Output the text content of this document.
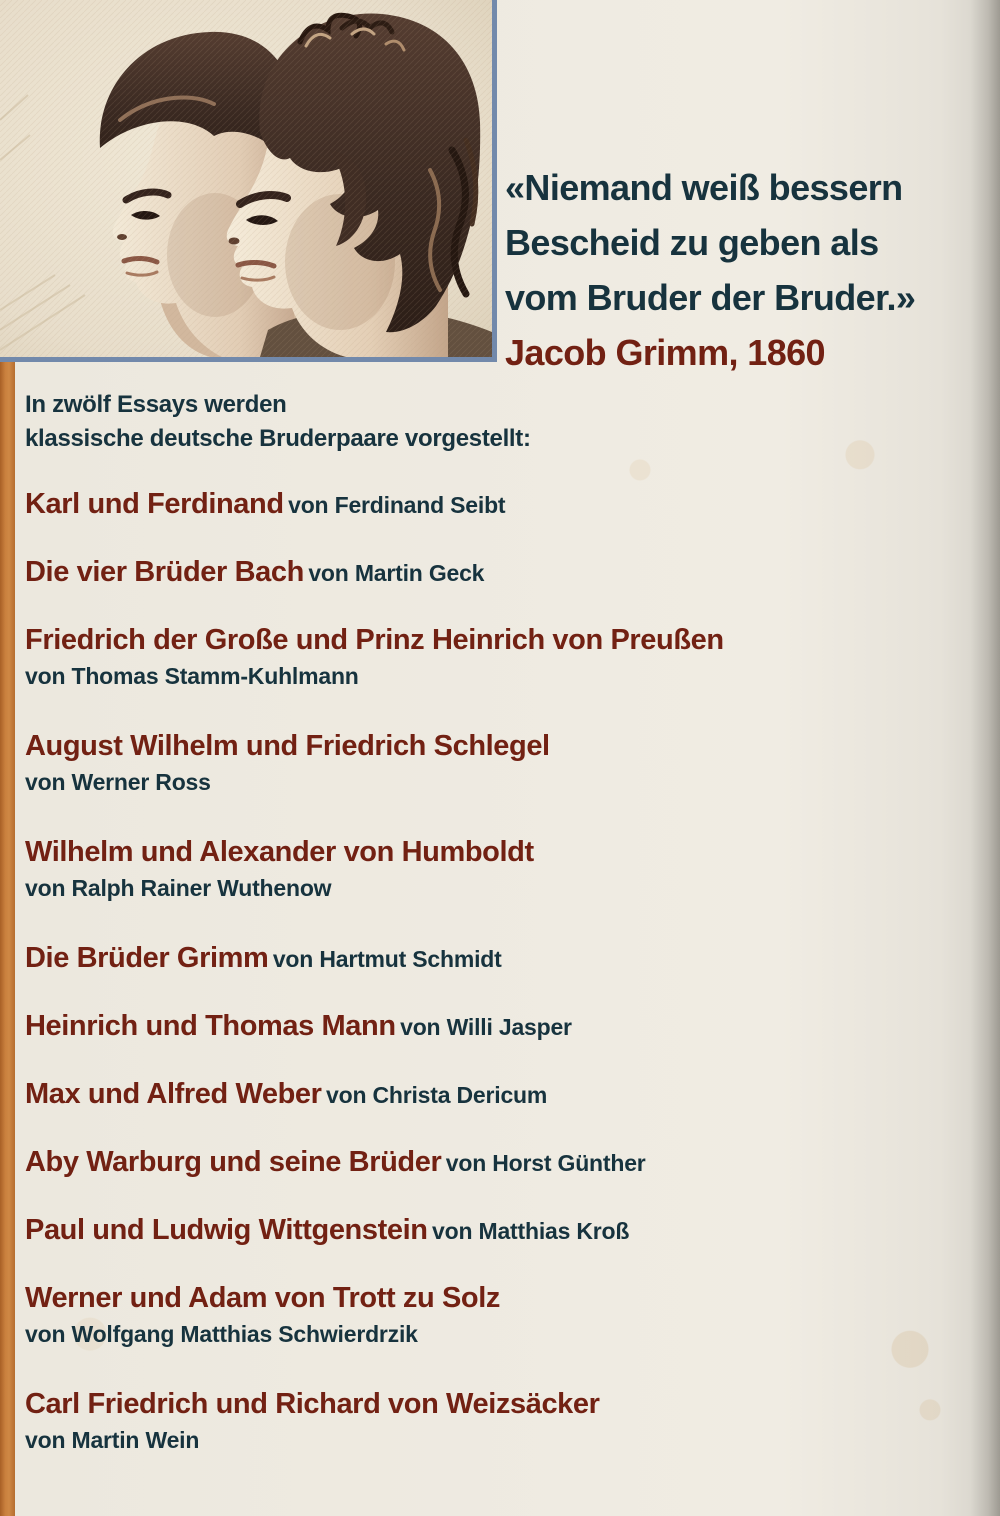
«Niemand weiß bessern
Bescheid zu geben als
vom Bruder der Bruder.»
Jacob Grimm, 1860
In zwölf Essays werden
klassische deutsche Bruderpaare vorgestellt:
Karl und Ferdinand von Ferdinand Seibt
Die vier Brüder Bach von Martin Geck
Friedrich der Große und Prinz Heinrich von Preußen
von Thomas Stamm-Kuhlmann
August Wilhelm und Friedrich Schlegel
von Werner Ross
Wilhelm und Alexander von Humboldt
von Ralph Rainer Wuthenow
Die Brüder Grimm von Hartmut Schmidt
Heinrich und Thomas Mann von Willi Jasper
Max und Alfred Weber von Christa Dericum
Aby Warburg und seine Brüder von Horst Günther
Paul und Ludwig Wittgenstein von Matthias Kroß
Werner und Adam von Trott zu Solz
von Wolfgang Matthias Schwierdrzik
Carl Friedrich und Richard von Weizsäcker
von Martin Wein
